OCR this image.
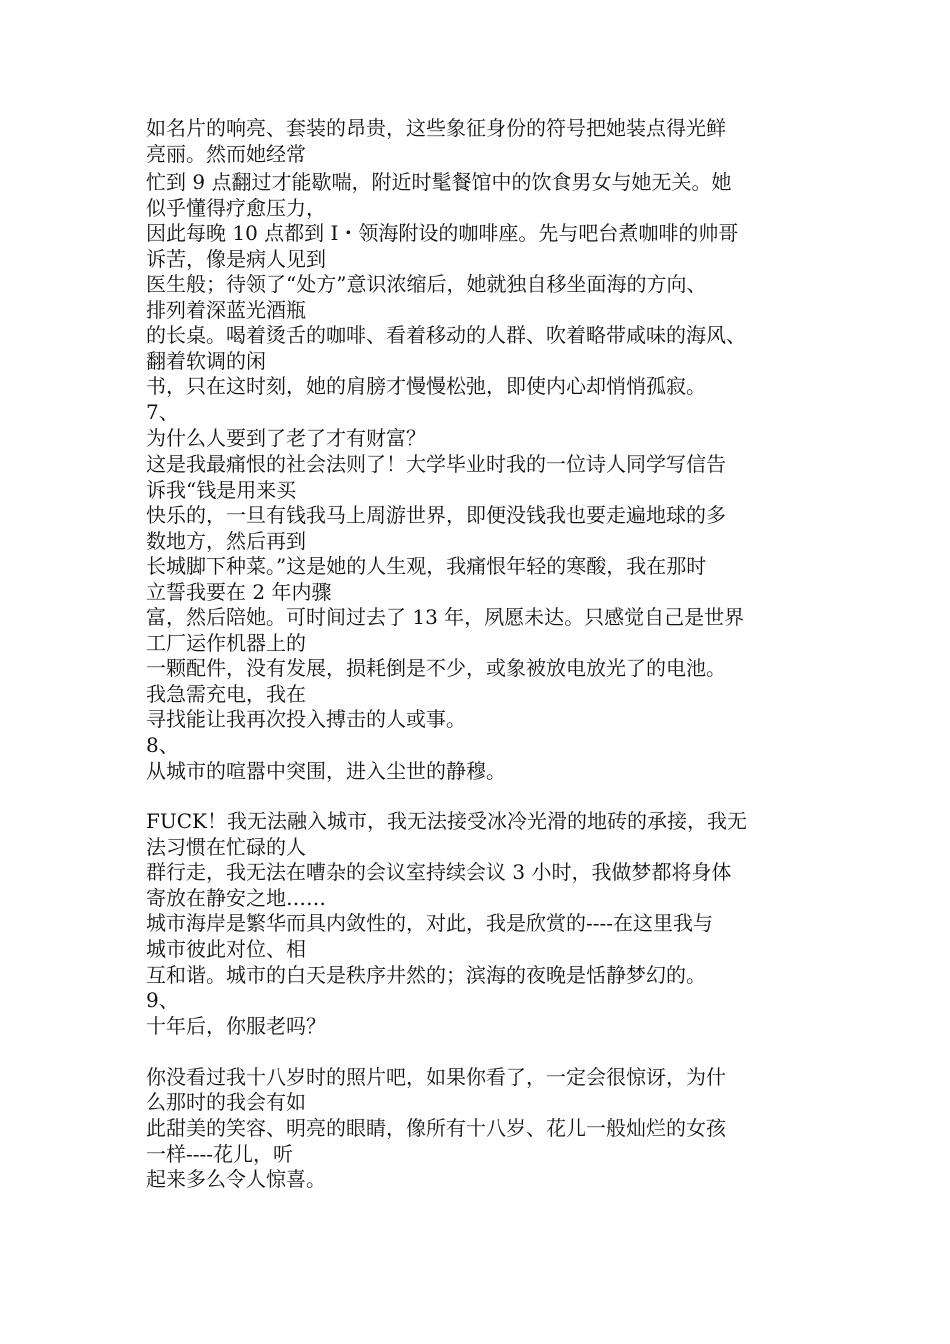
如名片的响亮、套装的昂贵，这些象征身份的符号把她装点得光鲜
亮丽。然而她经常
忙到 9 点翻过才能歇喘，附近时髦餐馆中的饮食男女与她无关。她
似乎懂得疗愈压力，
因此每晚 10 点都到 I・领海附设的咖啡座。先与吧台煮咖啡的帅哥
诉苦，像是病人见到
医生般；待领了“处方”意识浓缩后，她就独自移坐面海的方向、
排列着深蓝光酒瓶
的长桌。喝着烫舌的咖啡、看着移动的人群、吹着略带咸味的海风、
翻着软调的闲
书，只在这时刻，她的肩膀才慢慢松弛，即使内心却悄悄孤寂。
7、
为什么人要到了老了才有财富？
这是我最痛恨的社会法则了！大学毕业时我的一位诗人同学写信告
诉我“钱是用来买
快乐的，一旦有钱我马上周游世界，即便没钱我也要走遍地球的多
数地方，然后再到
长城脚下种菜。”这是她的人生观，我痛恨年轻的寒酸，我在那时
立誓我要在 2 年内骤
富，然后陪她。可时间过去了 13 年，夙愿未达。只感觉自己是世界
工厂运作机器上的
一颗配件，没有发展，损耗倒是不少，或象被放电放光了的电池。
我急需充电，我在
寻找能让我再次投入搏击的人或事。
8、
从城市的喧嚣中突围，进入尘世的静穆。
FUCK！我无法融入城市，我无法接受冰冷光滑的地砖的承接，我无
法习惯在忙碌的人
群行走，我无法在嘈杂的会议室持续会议 3 小时，我做梦都将身体
寄放在静安之地……
城市海岸是繁华而具内敛性的，对此，我是欣赏的----在这里我与
城市彼此对位、相
互和谐。城市的白天是秩序井然的；滨海的夜晚是恬静梦幻的。
9、
十年后，你服老吗？
你没看过我十八岁时的照片吧，如果你看了，一定会很惊讶，为什
么那时的我会有如
此甜美的笑容、明亮的眼睛，像所有十八岁、花儿一般灿烂的女孩
一样----花儿，听
起来多么令人惊喜。
